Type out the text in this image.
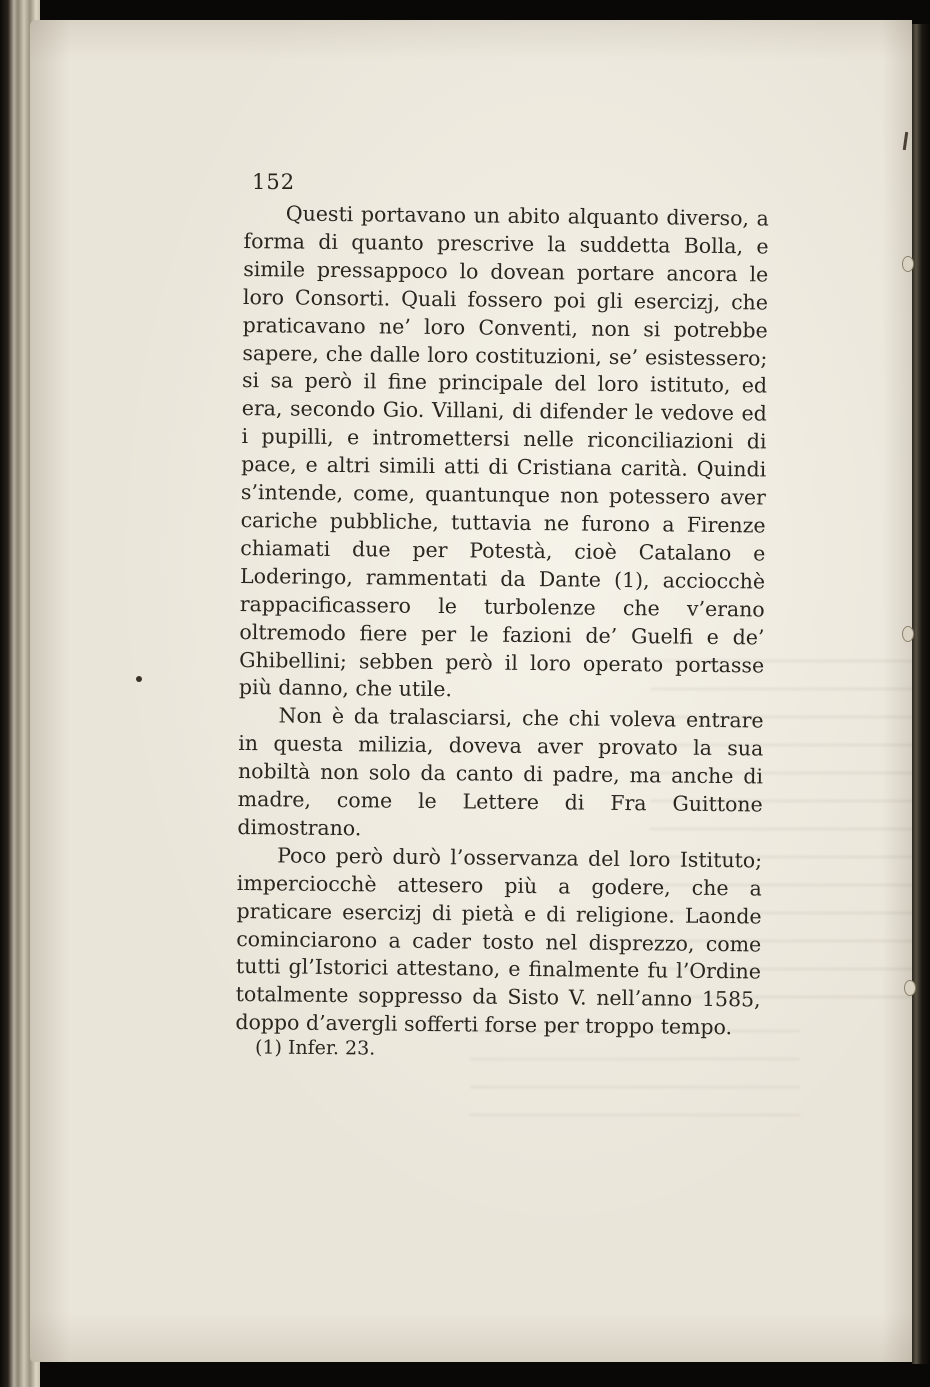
152

Questi portavano un abito alquanto diverso, a forma di quanto prescrive la suddetta Bolla, e simile pressappoco lo dovean portare ancora le loro Consorti. Quali fossero poi gli esercizj, che praticavano ne’ loro Conventi, non si potrebbe sapere, che dalle loro costituzioni, se’ esistessero; si sa però il fine principale del loro istituto, ed era, secondo Gio. Villani, di difender le vedove ed i pupilli, e intromettersi nelle riconciliazioni di pace, e altri simili atti di Cristiana carità. Quindi s’intende, come, quantunque non potessero aver cariche pubbliche, tuttavia ne furono a Firenze chiamati due per Potestà, cioè Catalano e Loderingo, rammentati da Dante (1), acciocchè rappacificassero le turbolenze che v’erano oltremodo fiere per le fazioni de’ Guelfi e de’ Ghibellini; sebben però il loro operato portasse più danno, che utile.

Non è da tralasciarsi, che chi voleva entrare in questa milizia, doveva aver provato la sua nobiltà non solo da canto di padre, ma anche di madre, come le Lettere di Fra Guittone dimostrano.

Poco però durò l’osservanza del loro Istituto; imperciocchè attesero più a godere, che a praticare esercizj di pietà e di religione. Laonde cominciarono a cader tosto nel disprezzo, come tutti gl’Istorici attestano, e finalmente fu l’Ordine totalmente soppresso da Sisto V. nell’anno 1585, doppo d’avergli sofferti forse per troppo tempo.

(1) Infer. 23.
